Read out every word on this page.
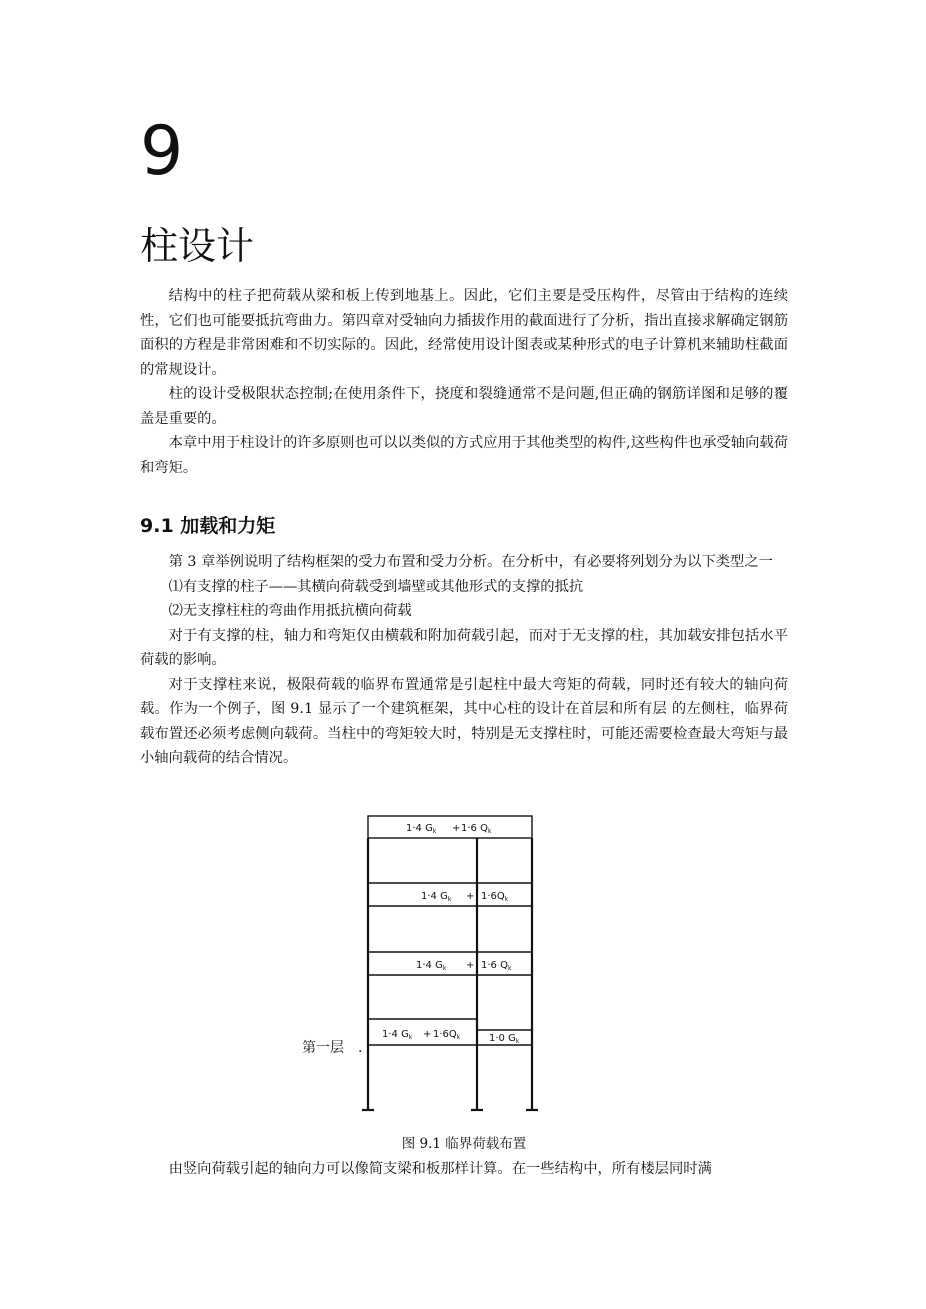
9
柱设计

结构中的柱子把荷载从梁和板上传到地基上。因此，它们主要是受压构件，尽管由于结构的连续性，它们也可能要抵抗弯曲力。第四章对受轴向力插拔作用的截面进行了分析，指出直接求解确定钢筋面积的方程是非常困难和不切实际的。因此，经常使用设计图表或某种形式的电子计算机来辅助柱截面的常规设计。

柱的设计受极限状态控制;在使用条件下，挠度和裂缝通常不是问题,但正确的钢筋详图和足够的覆盖是重要的。

本章中用于柱设计的许多原则也可以以类似的方式应用于其他类型的构件,这些构件也承受轴向载荷和弯矩。

9.1 加载和力矩

第 3 章举例说明了结构框架的受力布置和受力分析。在分析中，有必要将列划分为以下类型之一

⑴有支撑的柱子——其横向荷载受到墙壁或其他形式的支撑的抵抗

⑵无支撑柱柱的弯曲作用抵抗横向荷载

对于有支撑的柱，轴力和弯矩仅由横载和附加荷载引起，而对于无支撑的柱，其加载安排包括水平荷载的影响。

对于支撑柱来说，极限荷载的临界布置通常是引起柱中最大弯矩的荷载，同时还有较大的轴向荷载。作为一个例子，图 9.1 显示了一个建筑框架，其中心柱的设计在首层和所有层 的左侧柱，临界荷载布置还必须考虑侧向载荷。当柱中的弯矩较大时，特别是无支撑柱时，可能还需要检查最大弯矩与最小轴向载荷的结合情况。

1·4 $G_k + 1\cdot 6$ $Q_k$
1·4 $G_k + 1\cdot 6Q_k$
1·4 $G_k + 1\cdot 6$ $Q_k$
1·4 $G_k + 1\cdot 6Q_k$	1·0 $G_k$
第一层 .

图 9.1 临界荷载布置

由竖向荷载引起的轴向力可以像简支梁和板那样计算。在一些结构中，所有楼层同时满
